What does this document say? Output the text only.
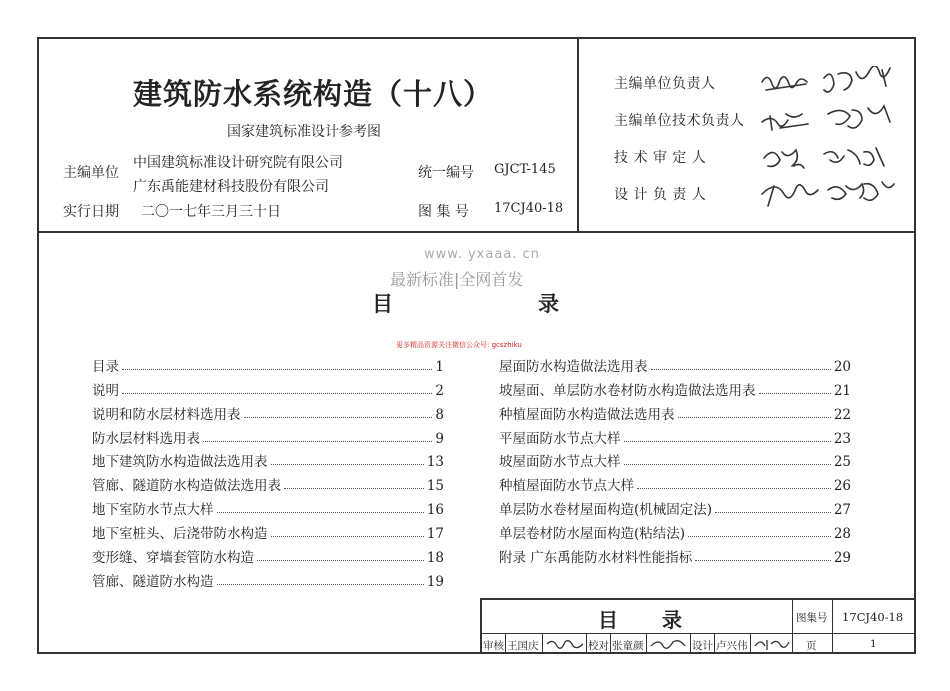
建筑防水系统构造（十八）
国家建筑标准设计参考图
主编单位
中国建筑标准设计研究院有限公司
广东禹能建材科技股份有限公司
实行日期 二〇一七年三月三十日
统一编号 GJCT-145
图 集 号 17CJ40-18
主编单位负责人
主编单位技术负责人
技 术 审 定 人
设 计 负 责 人
www. yxaaa. cn
最新标准|全网首发
目	录
更多精品资源关注微信公众号: gcszhiku
目录	1
说明	2
说明和防水层材料选用表	8
防水层材料选用表	9
地下建筑防水构造做法选用表	13
管廊、隧道防水构造做法选用表	15
地下室防水节点大样	16
地下室桩头、后浇带防水构造	17
变形缝、穿墙套管防水构造	18
管廊、隧道防水构造	19
屋面防水构造做法选用表	20
坡屋面、单层防水卷材防水构造做法选用表	21
种植屋面防水构造做法选用表	22
平屋面防水节点大样	23
坡屋面防水节点大样	25
种植屋面防水节点大样	26
单层防水卷材屋面构造(机械固定法)	27
单层卷材防水屋面构造(粘结法)	28
附录 广东禹能防水材料性能指标	29
目 录	图集号 17CJ40-18
页	1
审核 王国庆	校对 张童颜	设计 卢兴伟
